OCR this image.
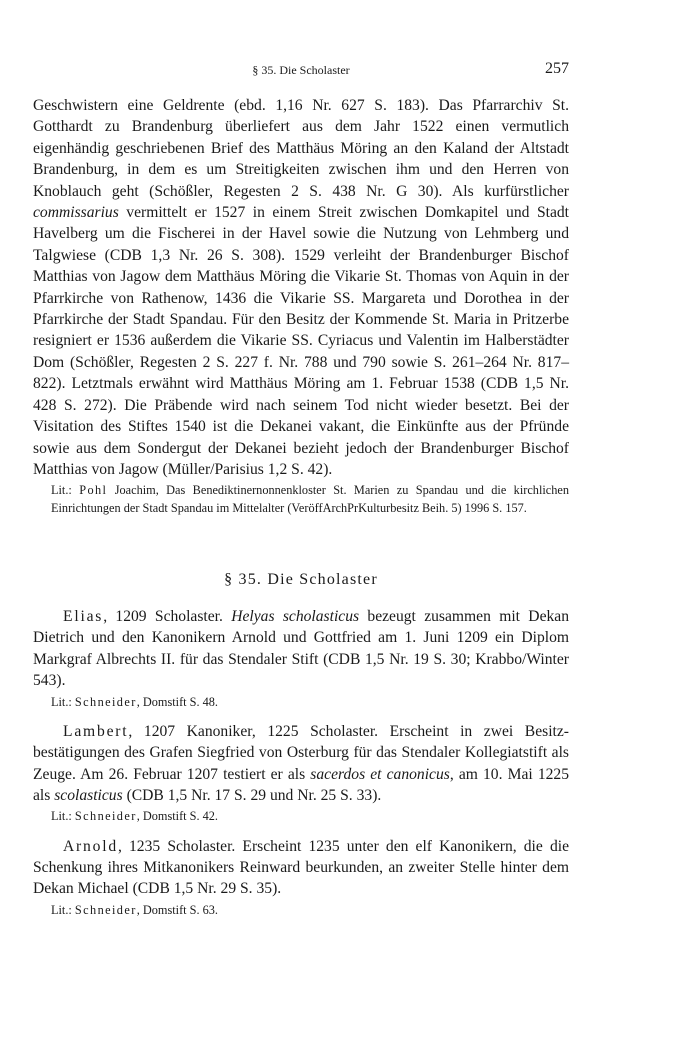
§ 35. Die Scholaster	257

Geschwistern eine Geldrente (ebd. 1,16 Nr. 627 S. 183). Das Pfarrarchiv St. Gotthardt zu Brandenburg überliefert aus dem Jahr 1522 einen vermutlich eigenhändig geschriebenen Brief des Matthäus Möring an den Kaland der Altstadt Brandenburg, in dem es um Streitigkeiten zwischen ihm und den Herren von Knoblauch geht (Schößler, Regesten 2 S. 438 Nr. G 30). Als kurfürstlicher commissarius vermittelt er 1527 in einem Streit zwischen Domkapitel und Stadt Havelberg um die Fischerei in der Havel sowie die Nutzung von Lehmberg und Talgwiese (CDB 1,3 Nr. 26 S. 308). 1529 verleiht der Brandenburger Bischof Matthias von Jagow dem Matthäus Möring die Vikarie St. Thomas von Aquin in der Pfarrkirche von Rathenow, 1436 die Vikarie SS. Margareta und Dorothea in der Pfarrkirche der Stadt Spandau. Für den Besitz der Kommende St. Maria in Pritzerbe resigniert er 1536 außerdem die Vikarie SS. Cyriacus und Valentin im Halberstädter Dom (Schößler, Regesten 2 S. 227 f. Nr. 788 und 790 sowie S. 261–264 Nr. 817–822). Letztmals erwähnt wird Matthäus Möring am 1. Februar 1538 (CDB 1,5 Nr. 428 S. 272). Die Präbende wird nach seinem Tod nicht wieder besetzt. Bei der Visitation des Stiftes 1540 ist die Dekanei vakant, die Einkünfte aus der Pfründe sowie aus dem Sondergut der Dekanei bezieht jedoch der Brandenburger Bischof Matthias von Jagow (Müller/Parisius 1,2 S. 42).

Lit.: Pohl Joachim, Das Benediktinernonnenkloster St. Marien zu Spandau und die kirchlichen Einrichtungen der Stadt Spandau im Mittelalter (VeröffArchPrKulturbesitz Beih. 5) 1996 S. 157.

§ 35. Die Scholaster

Elias, 1209 Scholaster. Helyas scholasticus bezeugt zusammen mit Dekan Dietrich und den Kanonikern Arnold und Gottfried am 1. Juni 1209 ein Diplom Markgraf Albrechts II. für das Stendaler Stift (CDB 1,5 Nr. 19 S. 30; Krabbo/Winter 543).

Lit.: Schneider, Domstift S. 48.

Lambert, 1207 Kanoniker, 1225 Scholaster. Erscheint in zwei Besitzbestätigungen des Grafen Siegfried von Osterburg für das Stendaler Kollegiatstift als Zeuge. Am 26. Februar 1207 testiert er als sacerdos et canonicus, am 10. Mai 1225 als scolasticus (CDB 1,5 Nr. 17 S. 29 und Nr. 25 S. 33).

Lit.: Schneider, Domstift S. 42.

Arnold, 1235 Scholaster. Erscheint 1235 unter den elf Kanonikern, die die Schenkung ihres Mitkanonikers Reinward beurkunden, an zweiter Stelle hinter dem Dekan Michael (CDB 1,5 Nr. 29 S. 35).

Lit.: Schneider, Domstift S. 63.
